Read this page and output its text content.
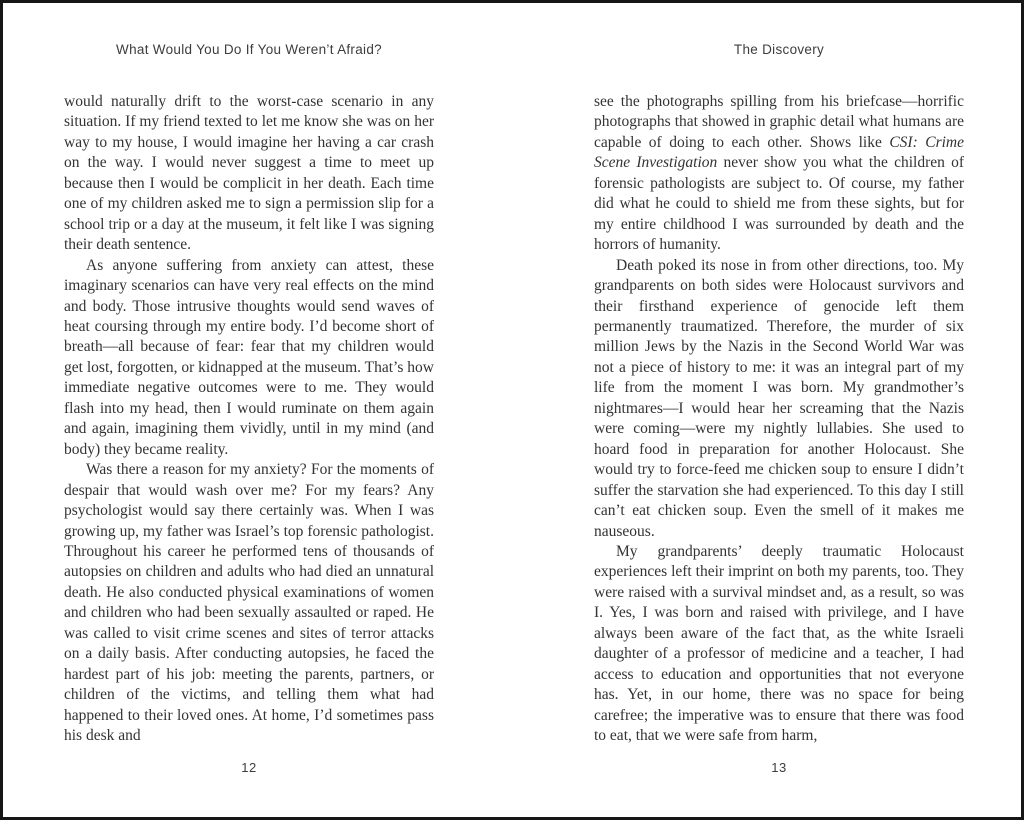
What Would You Do If You Weren’t Afraid?

would naturally drift to the worst-case scenario in any situation. If my friend texted to let me know she was on her way to my house, I would imagine her having a car crash on the way. I would never suggest a time to meet up because then I would be complicit in her death. Each time one of my children asked me to sign a permission slip for a school trip or a day at the museum, it felt like I was signing their death sentence.

As anyone suffering from anxiety can attest, these imaginary scenarios can have very real effects on the mind and body. Those intrusive thoughts would send waves of heat coursing through my entire body. I’d become short of breath—all because of fear: fear that my children would get lost, forgotten, or kidnapped at the museum. That’s how immediate negative outcomes were to me. They would flash into my head, then I would ruminate on them again and again, imagining them vividly, until in my mind (and body) they became reality.

Was there a reason for my anxiety? For the moments of despair that would wash over me? For my fears? Any psychologist would say there certainly was. When I was growing up, my father was Israel’s top forensic pathologist. Throughout his career he performed tens of thousands of autopsies on children and adults who had died an unnatural death. He also conducted physical examinations of women and children who had been sexually assaulted or raped. He was called to visit crime scenes and sites of terror attacks on a daily basis. After conducting autopsies, he faced the hardest part of his job: meeting the parents, partners, or children of the victims, and telling them what had happened to their loved ones. At home, I’d sometimes pass his desk and

12
The Discovery

see the photographs spilling from his briefcase—horrific photographs that showed in graphic detail what humans are capable of doing to each other. Shows like CSI: Crime Scene Investigation never show you what the children of forensic pathologists are subject to. Of course, my father did what he could to shield me from these sights, but for my entire childhood I was surrounded by death and the horrors of humanity.

Death poked its nose in from other directions, too. My grandparents on both sides were Holocaust survivors and their firsthand experience of genocide left them permanently traumatized. Therefore, the murder of six million Jews by the Nazis in the Second World War was not a piece of history to me: it was an integral part of my life from the moment I was born. My grandmother’s nightmares—I would hear her screaming that the Nazis were coming—were my nightly lullabies. She used to hoard food in preparation for another Holocaust. She would try to force-feed me chicken soup to ensure I didn’t suffer the starvation she had experienced. To this day I still can’t eat chicken soup. Even the smell of it makes me nauseous.

My grandparents’ deeply traumatic Holocaust experiences left their imprint on both my parents, too. They were raised with a survival mindset and, as a result, so was I. Yes, I was born and raised with privilege, and I have always been aware of the fact that, as the white Israeli daughter of a professor of medicine and a teacher, I had access to education and opportunities that not everyone has. Yet, in our home, there was no space for being carefree; the imperative was to ensure that there was food to eat, that we were safe from harm,

13
